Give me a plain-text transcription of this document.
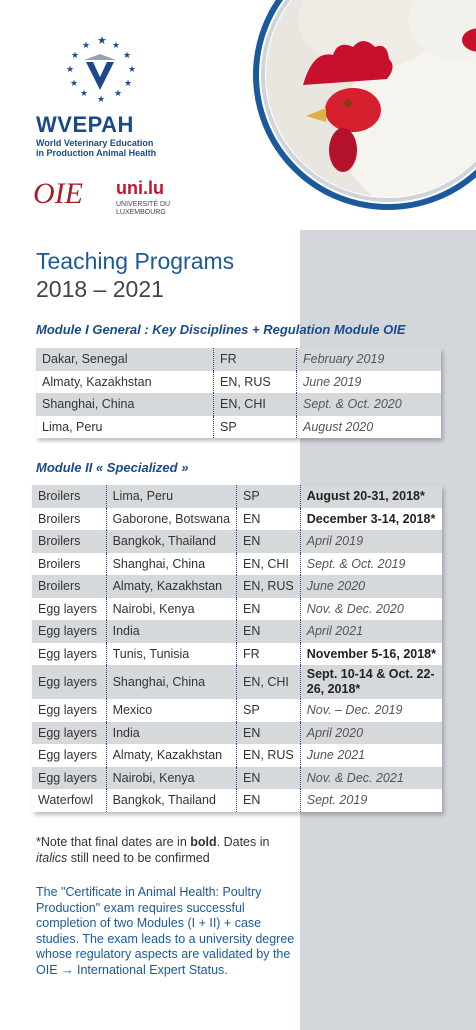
★
★ ★
★	★
★	★
★	★
★	★
★
WVEPAH
World Veterinary Education
in Production Animal Health
OIE uni.lu
UNIVERSITÉ DU
LUXEMBOURG
Teaching Programs
2018 – 2021
Module I General : Key Disciplines + Regulation Module OIE
Dakar, Senegal	FR	February 2019
Almaty, Kazakhstan	EN, RUS	June 2019
Shanghai, China	EN, CHI	Sept. & Oct. 2020
Lima, Peru	SP	August 2020
Module II « Specialized »
Broilers	Lima, Peru	SP	August 20-31, 2018*
Broilers	Gaborone, Botswana	EN	December 3-14, 2018*
Broilers	Bangkok, Thailand	EN	April 2019
Broilers	Shanghai, China	EN, CHI	Sept. & Oct. 2019
Broilers	Almaty, Kazakhstan	EN, RUS	June 2020
Egg layers	Nairobi, Kenya	EN	Nov. & Dec. 2020
Egg layers	India	EN	April 2021
Egg layers	Tunis, Tunisia	FR	November 5-16, 2018*
Egg layers	Shanghai, China	EN, CHI	Sept. 10-14 & Oct. 22-26, 2018*
Egg layers	Mexico	SP	Nov. – Dec. 2019
Egg layers	India	EN	April 2020
Egg layers	Almaty, Kazakhstan	EN, RUS	June 2021
Egg layers	Nairobi, Kenya	EN	Nov. & Dec. 2021
Waterfowl	Bangkok, Thailand	EN	Sept. 2019
*Note that final dates are in bold. Dates in italics still need to be confirmed
The "Certificate in Animal Health: Poultry Production" exam requires successful completion of two Modules (I + II) + case studies. The exam leads to a university degree whose regulatory aspects are validated by the OIE → International Expert Status.
